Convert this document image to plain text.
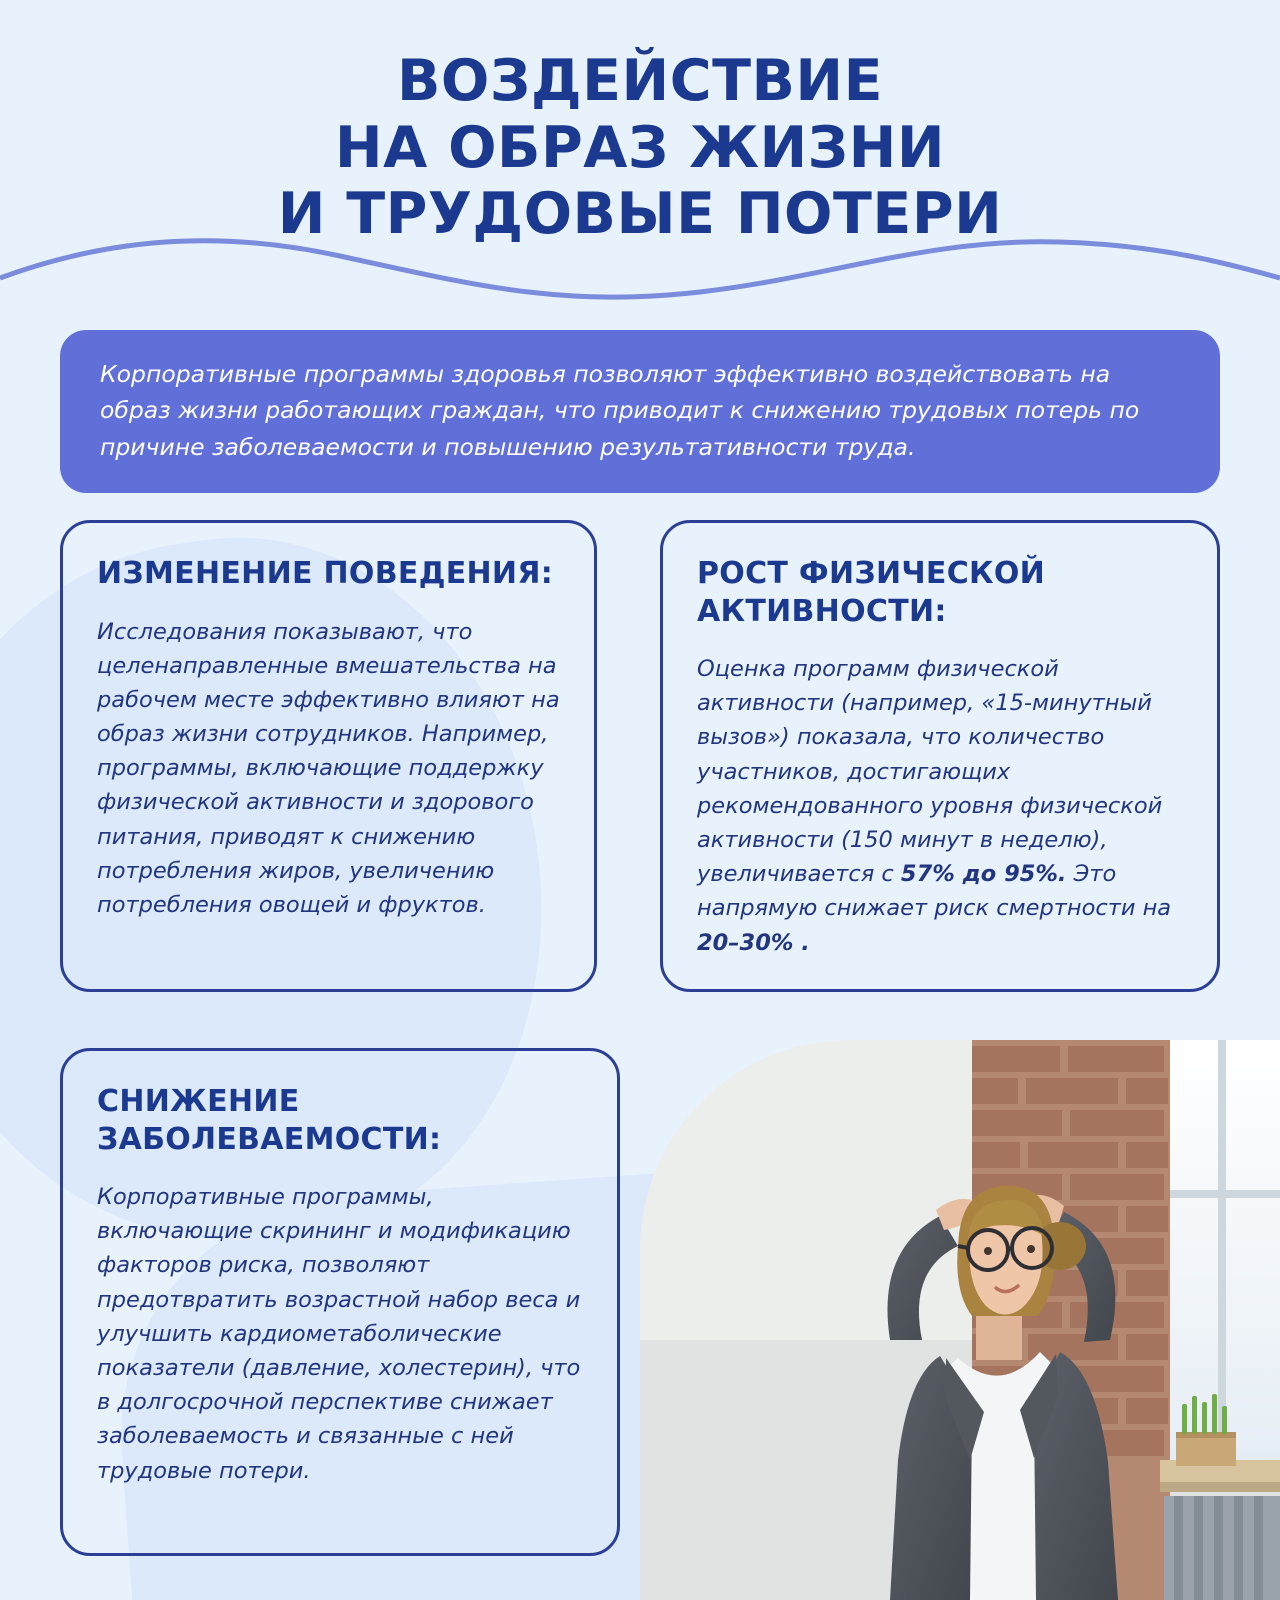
ВОЗДЕЙСТВИЕ
НА ОБРАЗ ЖИЗНИ
И ТРУДОВЫЕ ПОТЕРИ
Корпоративные программы здоровья позволяют эффективно воздействовать на образ жизни работающих граждан, что приводит к снижению трудовых потерь по причине заболеваемости и повышению результативности труда.
ИЗМЕНЕНИЕ ПОВЕДЕНИЯ:
Исследования показывают, что целенаправленные вмешательства на рабочем месте эффективно влияют на образ жизни сотрудников. Например, программы, включающие поддержку физической активности и здорового питания, приводят к снижению потребления жиров, увеличению потребления овощей и фруктов.
РОСТ ФИЗИЧЕСКОЙ АКТИВНОСТИ:
Оценка программ физической активности (например, «15-минутный вызов») показала, что количество участников, достигающих рекомендованного уровня физической активности (150 минут в неделю), увеличивается с 57% до 95%. Это напрямую снижает риск смертности на 20–30% .
СНИЖЕНИЕ ЗАБОЛЕВАЕМОСТИ:
Корпоративные программы, включающие скрининг и модификацию факторов риска, позволяют предотвратить возрастной набор веса и улучшить кардиометаболические показатели (давление, холестерин), что в долгосрочной перспективе снижает заболеваемость и связанные с ней трудовые потери.
